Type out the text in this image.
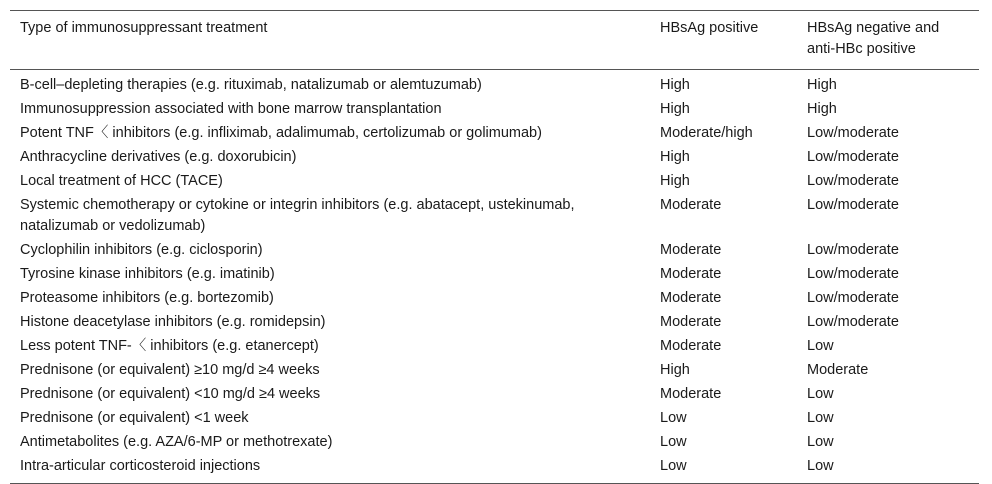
Type of immunosuppressant treatment	HBsAg positive	HBsAg negative and anti-HBc positive
B-cell–depleting therapies (e.g. rituximab, natalizumab or alemtuzumab)	High	High
Immunosuppression associated with bone marrow transplantation	High	High
Potent TNF〈 inhibitors (e.g. infliximab, adalimumab, certolizumab or golimumab)	Moderate/high	Low/moderate
Anthracycline derivatives (e.g. doxorubicin)	High	Low/moderate
Local treatment of HCC (TACE)	High	Low/moderate
Systemic chemotherapy or cytokine or integrin inhibitors (e.g. abatacept, ustekinumab, natalizumab or vedolizumab)	Moderate	Low/moderate
Cyclophilin inhibitors (e.g. ciclosporin)	Moderate	Low/moderate
Tyrosine kinase inhibitors (e.g. imatinib)	Moderate	Low/moderate
Proteasome inhibitors (e.g. bortezomib)	Moderate	Low/moderate
Histone deacetylase inhibitors (e.g. romidepsin)	Moderate	Low/moderate
Less potent TNF-〈 inhibitors (e.g. etanercept)	Moderate	Low
Prednisone (or equivalent) ≥10 mg/d ≥4 weeks	High	Moderate
Prednisone (or equivalent) <10 mg/d ≥4 weeks	Moderate	Low
Prednisone (or equivalent) <1 week	Low	Low
Antimetabolites (e.g. AZA/6-MP or methotrexate)	Low	Low
Intra-articular corticosteroid injections	Low	Low
